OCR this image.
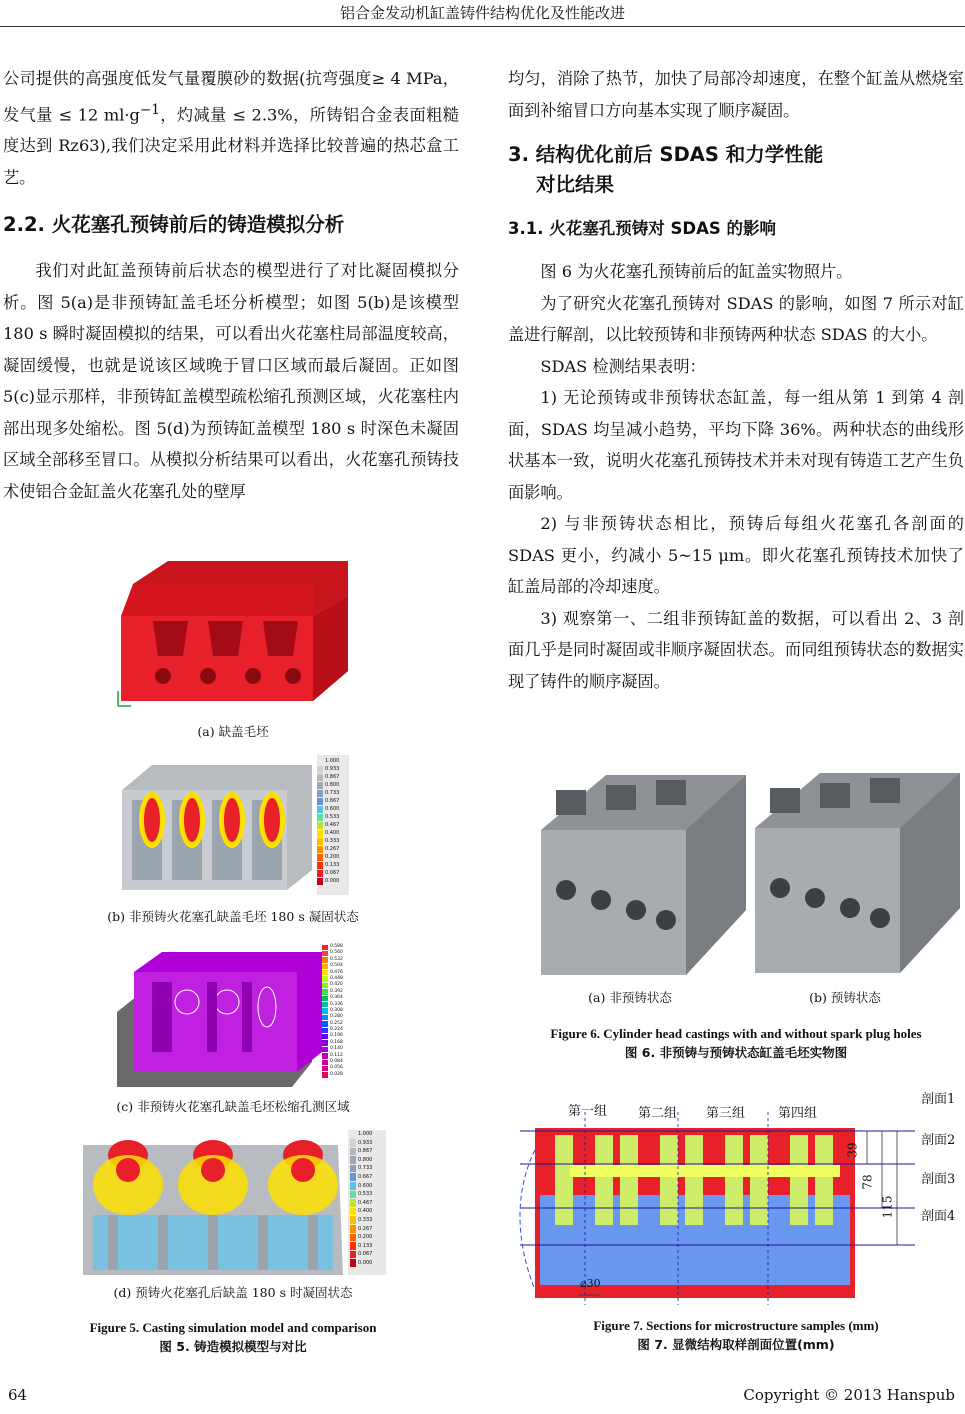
铝合金发动机缸盖铸件结构优化及性能改进

公司提供的高强度低发气量覆膜砂的数据(抗弯强度≥ 4 MPa，发气量 ≤ 12 $ml\cdot g^{-1}$，灼减量 ≤ 2.3%，所铸铝合金表面粗糙度达到 Rz63),我们决定采用此材料并选择比较普遍的热芯盒工艺。

2.2. 火花塞孔预铸前后的铸造模拟分析

我们对此缸盖预铸前后状态的模型进行了对比凝固模拟分析。图 5(a)是非预铸缸盖毛坯分析模型；如图 5(b)是该模型 180 s 瞬时凝固模拟的结果，可以看出火花塞柱局部温度较高，凝固缓慢，也就是说该区域晚于冒口区域而最后凝固。正如图 5(c)显示那样，非预铸缸盖模型疏松缩孔预测区域，火花塞柱内部出现多处缩松。图 5(d)为预铸缸盖模型 180 s 时深色未凝固区域全部移至冒口。从模拟分析结果可以看出，火花塞孔预铸技术使铝合金缸盖火花塞孔处的壁厚

均匀，消除了热节，加快了局部冷却速度，在整个缸盖从燃烧室面到补缩冒口方向基本实现了顺序凝固。

3. 结构优化前后 SDAS 和力学性能
对比结果
3.1. 火花塞孔预铸对 SDAS 的影响

图 6 为火花塞孔预铸前后的缸盖实物照片。

为了研究火花塞孔预铸对 SDAS 的影响，如图 7 所示对缸盖进行解剖，以比较预铸和非预铸两种状态 SDAS 的大小。

SDAS 检测结果表明：

1) 无论预铸或非预铸状态缸盖，每一组从第 1 到第 4 剖面，SDAS 均呈减小趋势，平均下降 36%。两种状态的曲线形状基本一致，说明火花塞孔预铸技术并未对现有铸造工艺产生负面影响。

2) 与非预铸状态相比，预铸后每组火花塞孔各剖面的 SDAS 更小，约减小 5~15 μm。即火花塞孔预铸技术加快了缸盖局部的冷却速度。

3) 观察第一、二组非预铸缸盖的数据，可以看出 2、3 剖面几乎是同时凝固或非顺序凝固状态。而同组预铸状态的数据实现了铸件的顺序凝固。

(a) 缺盖毛坯
1.000
0.933
0.867
0.800
0.733
0.667
0.600
0.533
0.467
0.400
0.333
0.267
0.200
0.133
0.067
0.000
(b) 非预铸火花塞孔缺盖毛坯 180 s 凝固状态
0.588
0.560
0.532
0.504
0.476
0.448
0.420
0.392
0.364
0.336
0.308
0.280
0.252
0.224
0.196
0.168
0.140
0.112
0.084
0.056
0.028
(c) 非预铸火花塞孔缺盖毛坯松缩孔测区域
1.000
0.933
0.867
0.800
0.733
0.667
0.600
0.533
0.467
0.400
0.333
0.267
0.200
0.133
0.067
0.000
(d) 预铸火花塞孔后缺盖 180 s 时凝固状态
Figure 5. Casting simulation model and comparison
图 5. 铸造模拟模型与对比
(a) 非预铸状态	(b) 预铸状态
Figure 6. Cylinder head castings with and without spark plug holes
图 6. 非预铸与预铸状态缸盖毛坯实物图
第一组 第二组 第三组	第四组
剖面1
剖面2
剖面3
剖面4
39
78
115
⌀30
Figure 7. Sections for microstructure samples (mm)
图 7. 显微结构取样剖面位置(mm)
64	Copyright © 2013 Hanspub
